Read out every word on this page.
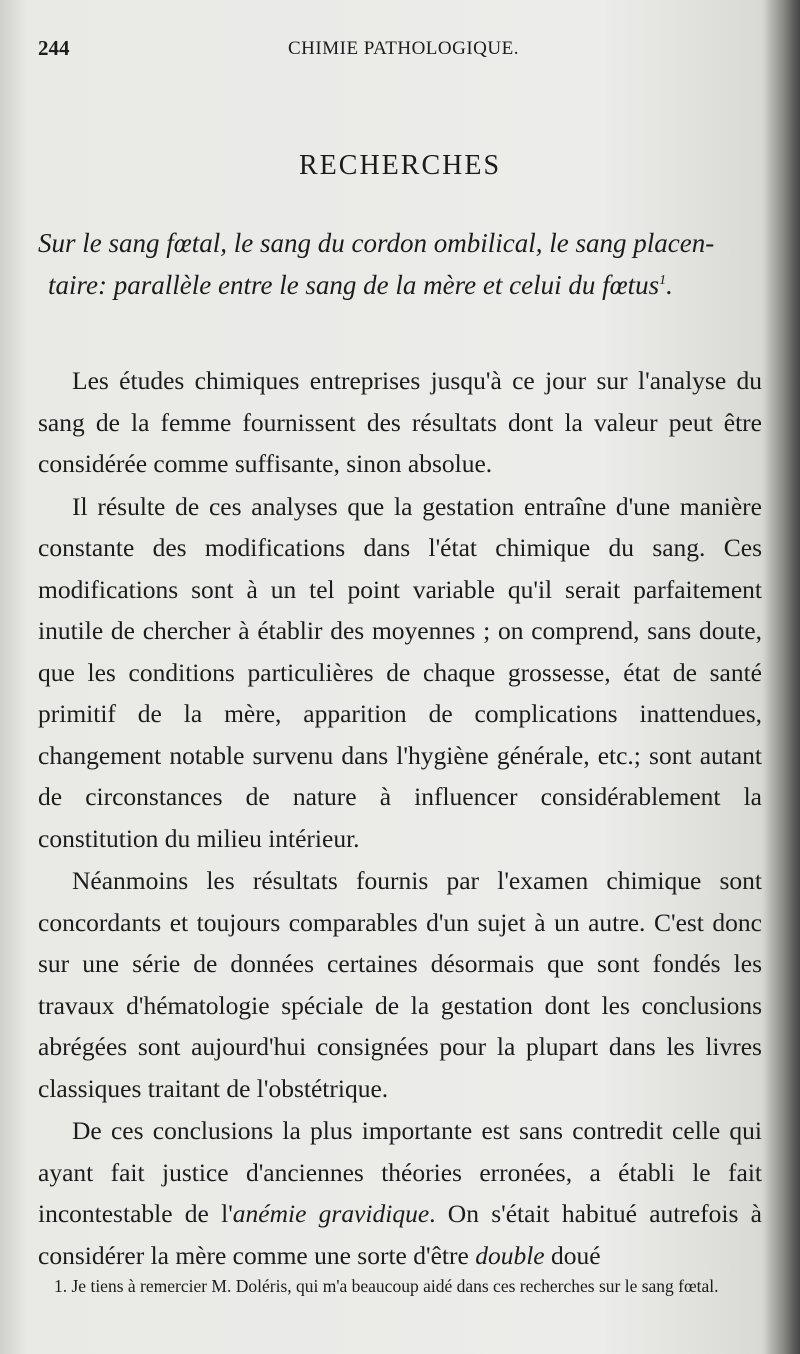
244	CHIMIE PATHOLOGIQUE.
RECHERCHES
Sur le sang fœtal, le sang du cordon ombilical, le sang placen-
taire: parallèle entre le sang de la mère et celui du fœtus$^1$.

Les études chimiques entreprises jusqu'à ce jour sur l'analyse du sang de la femme fournissent des résultats dont la valeur peut être considérée comme suffisante, sinon absolue.

Il résulte de ces analyses que la gestation entraîne d'une manière constante des modifications dans l'état chimique du sang. Ces modifications sont à un tel point variable qu'il serait parfaitement inutile de chercher à établir des moyennes ; on comprend, sans doute, que les conditions particulières de chaque grossesse, état de santé primitif de la mère, apparition de complications inattendues, changement notable survenu dans l'hygiène générale, etc.; sont autant de circonstances de nature à influencer considérablement la constitution du milieu intérieur.

Néanmoins les résultats fournis par l'examen chimique sont concordants et toujours comparables d'un sujet à un autre. C'est donc sur une série de données certaines désormais que sont fondés les travaux d'hématologie spéciale de la gestation dont les conclusions abrégées sont aujourd'hui consignées pour la plupart dans les livres classiques traitant de l'obstétrique.

De ces conclusions la plus importante est sans contredit celle qui ayant fait justice d'anciennes théories erronées, a établi le fait incontestable de l'anémie gravidique. On s'était habitué autrefois à considérer la mère comme une sorte d'être double doué

1. Je tiens à remercier M. Doléris, qui m'a beaucoup aidé dans ces recherches sur le sang fœtal.
